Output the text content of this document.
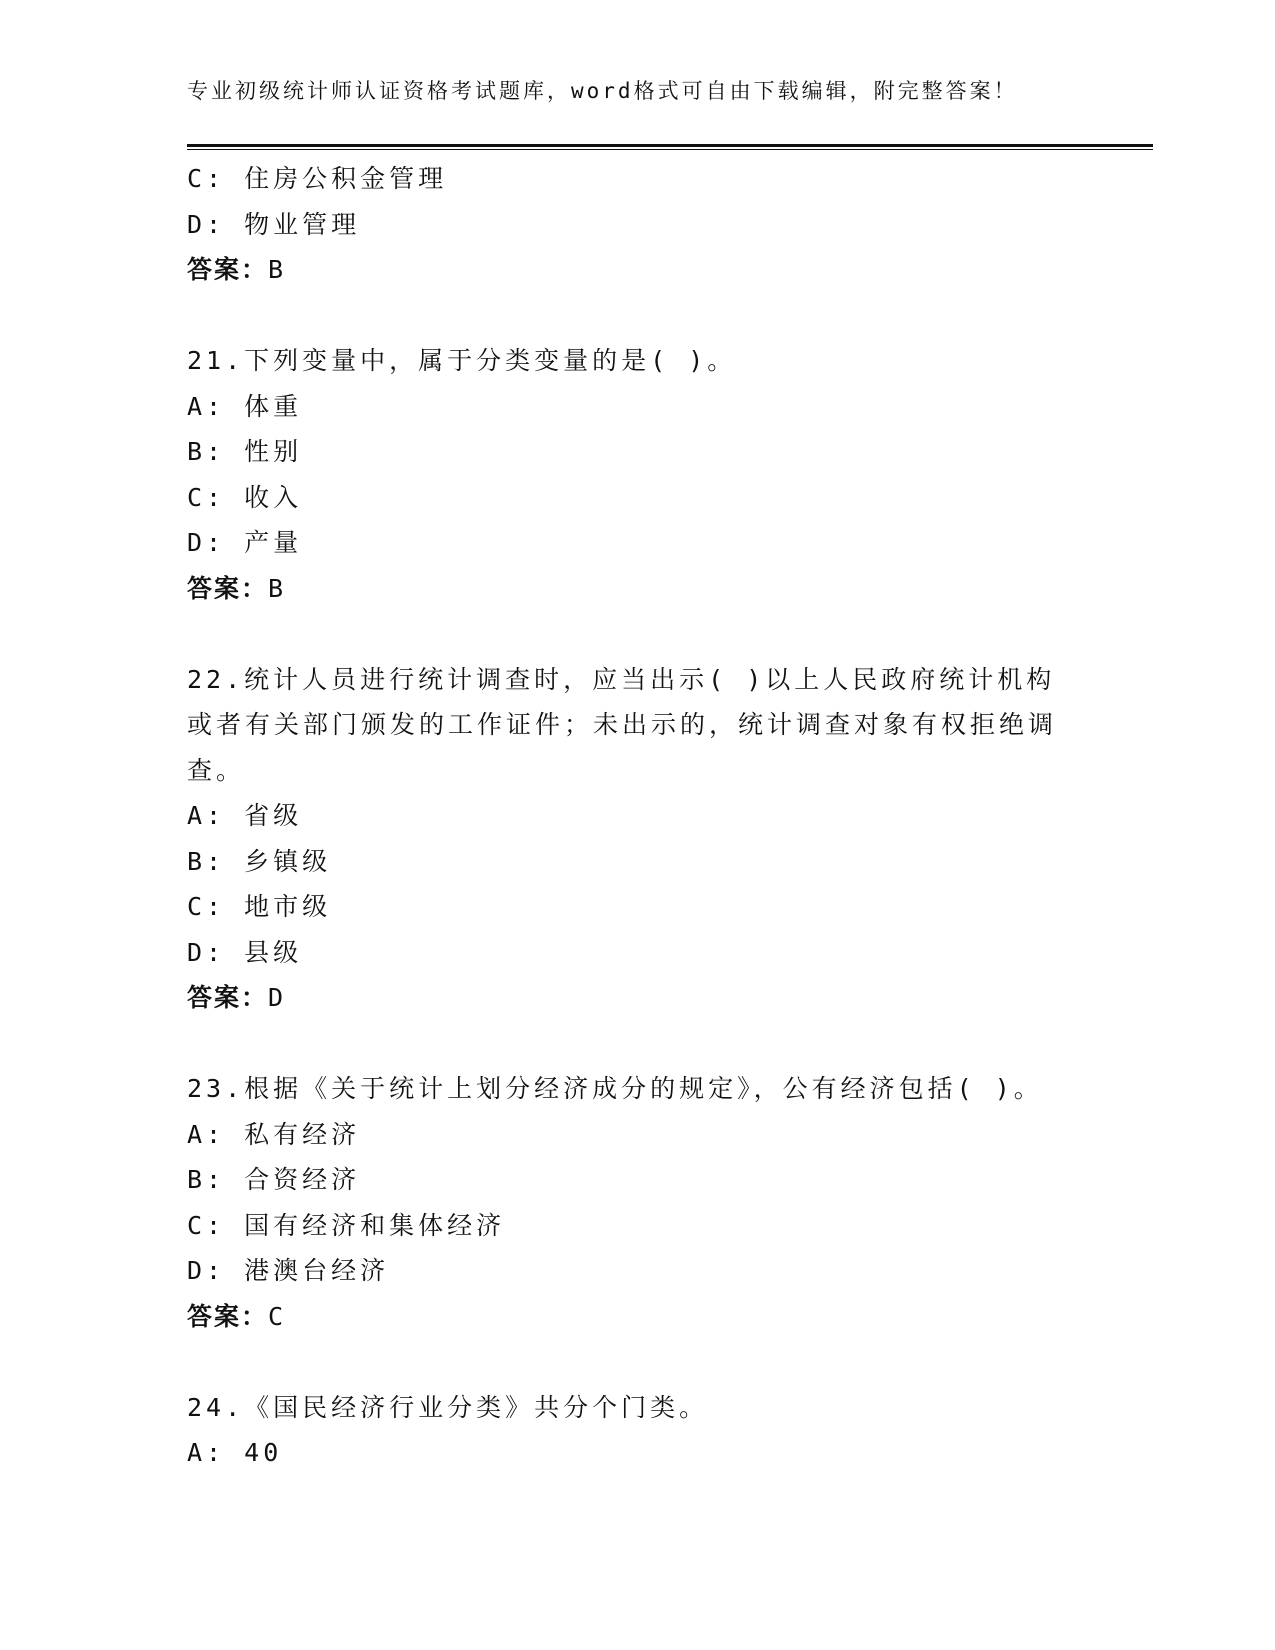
专业初级统计师认证资格考试题库，word格式可自由下载编辑，附完整答案！
C: 住房公积金管理
D: 物业管理
答案：B
21.下列变量中，属于分类变量的是( )。
A: 体重
B: 性别
C: 收入
D: 产量
答案：B
22.统计人员进行统计调查时，应当出示( )以上人民政府统计机构
或者有关部门颁发的工作证件；未出示的，统计调查对象有权拒绝调
查。
A: 省级
B: 乡镇级
C: 地市级
D: 县级
答案：D
23.根据《关于统计上划分经济成分的规定》，公有经济包括( )。
A: 私有经济
B: 合资经济
C: 国有经济和集体经济
D: 港澳台经济
答案：C
24.《国民经济行业分类》共分个门类。
A: 40
